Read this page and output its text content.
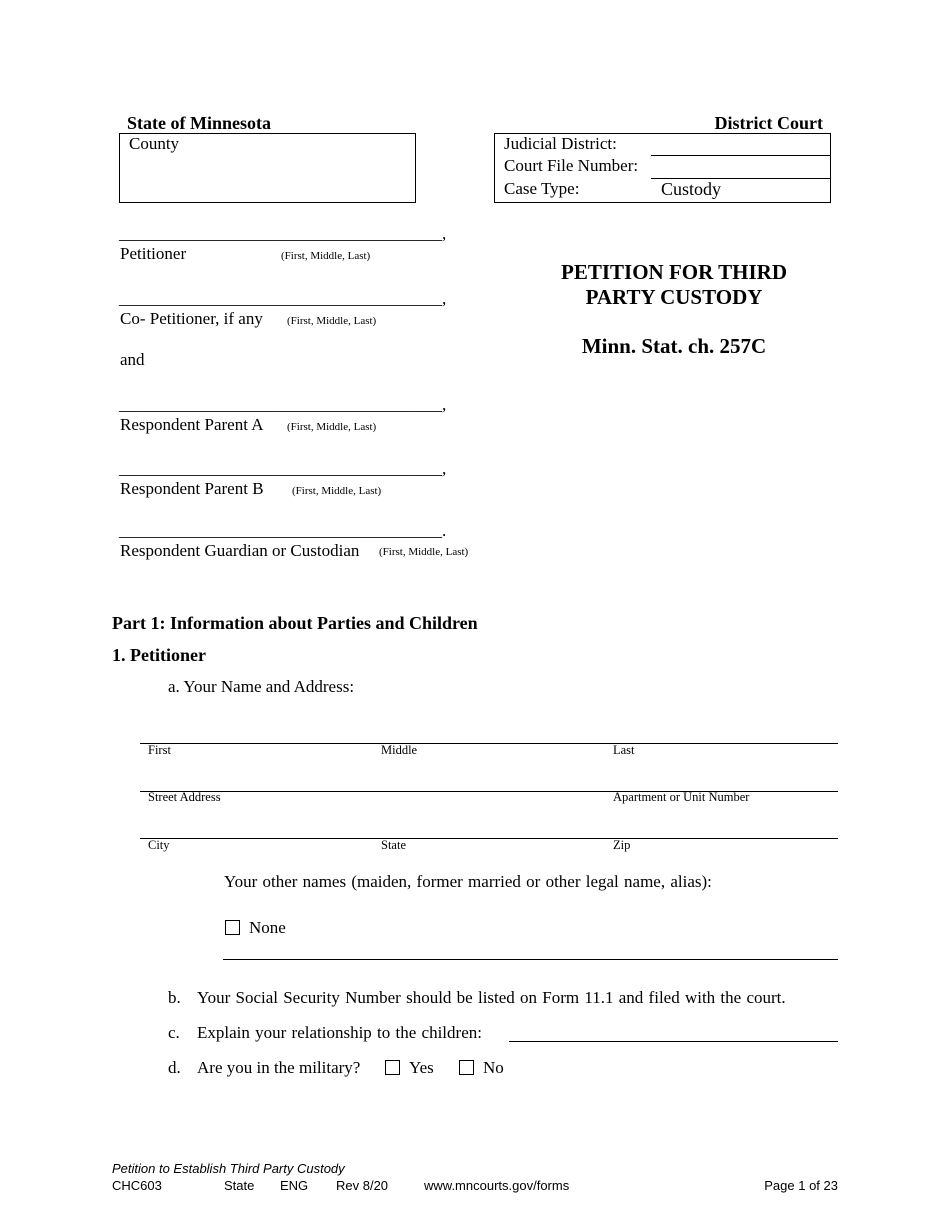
State of Minnesota	District Court
County	Judicial District:
Court File Number:
Case Type:	Custody
______________________________________,
Petitioner	(First, Middle, Last)
______________________________________,
Co- Petitioner, if any (First, Middle, Last)
and
______________________________________,
Respondent Parent A (First, Middle, Last)
______________________________________,
Respondent Parent B	(First, Middle, Last)
______________________________________.
Respondent Guardian or Custodian (First, Middle, Last)
PETITION FOR THIRD
PARTY CUSTODY
Minn. Stat. ch. 257C
Part 1: Information about Parties and Children
1. Petitioner
a. Your Name and Address:
First	Middle	Last
Street Address	Apartment or Unit Number
City	State	Zip
Your other names (maiden, former married or other legal name, alias):
None
b. Your Social Security Number should be listed on Form 11.1 and filed with the court.
c. Explain your relationship to the children:
d. Are you in the military?	Yes	No
Petition to Establish Third Party Custody
CHC603	State ENG Rev 8/20	www.mncourts.gov/forms	Page 1 of 23
